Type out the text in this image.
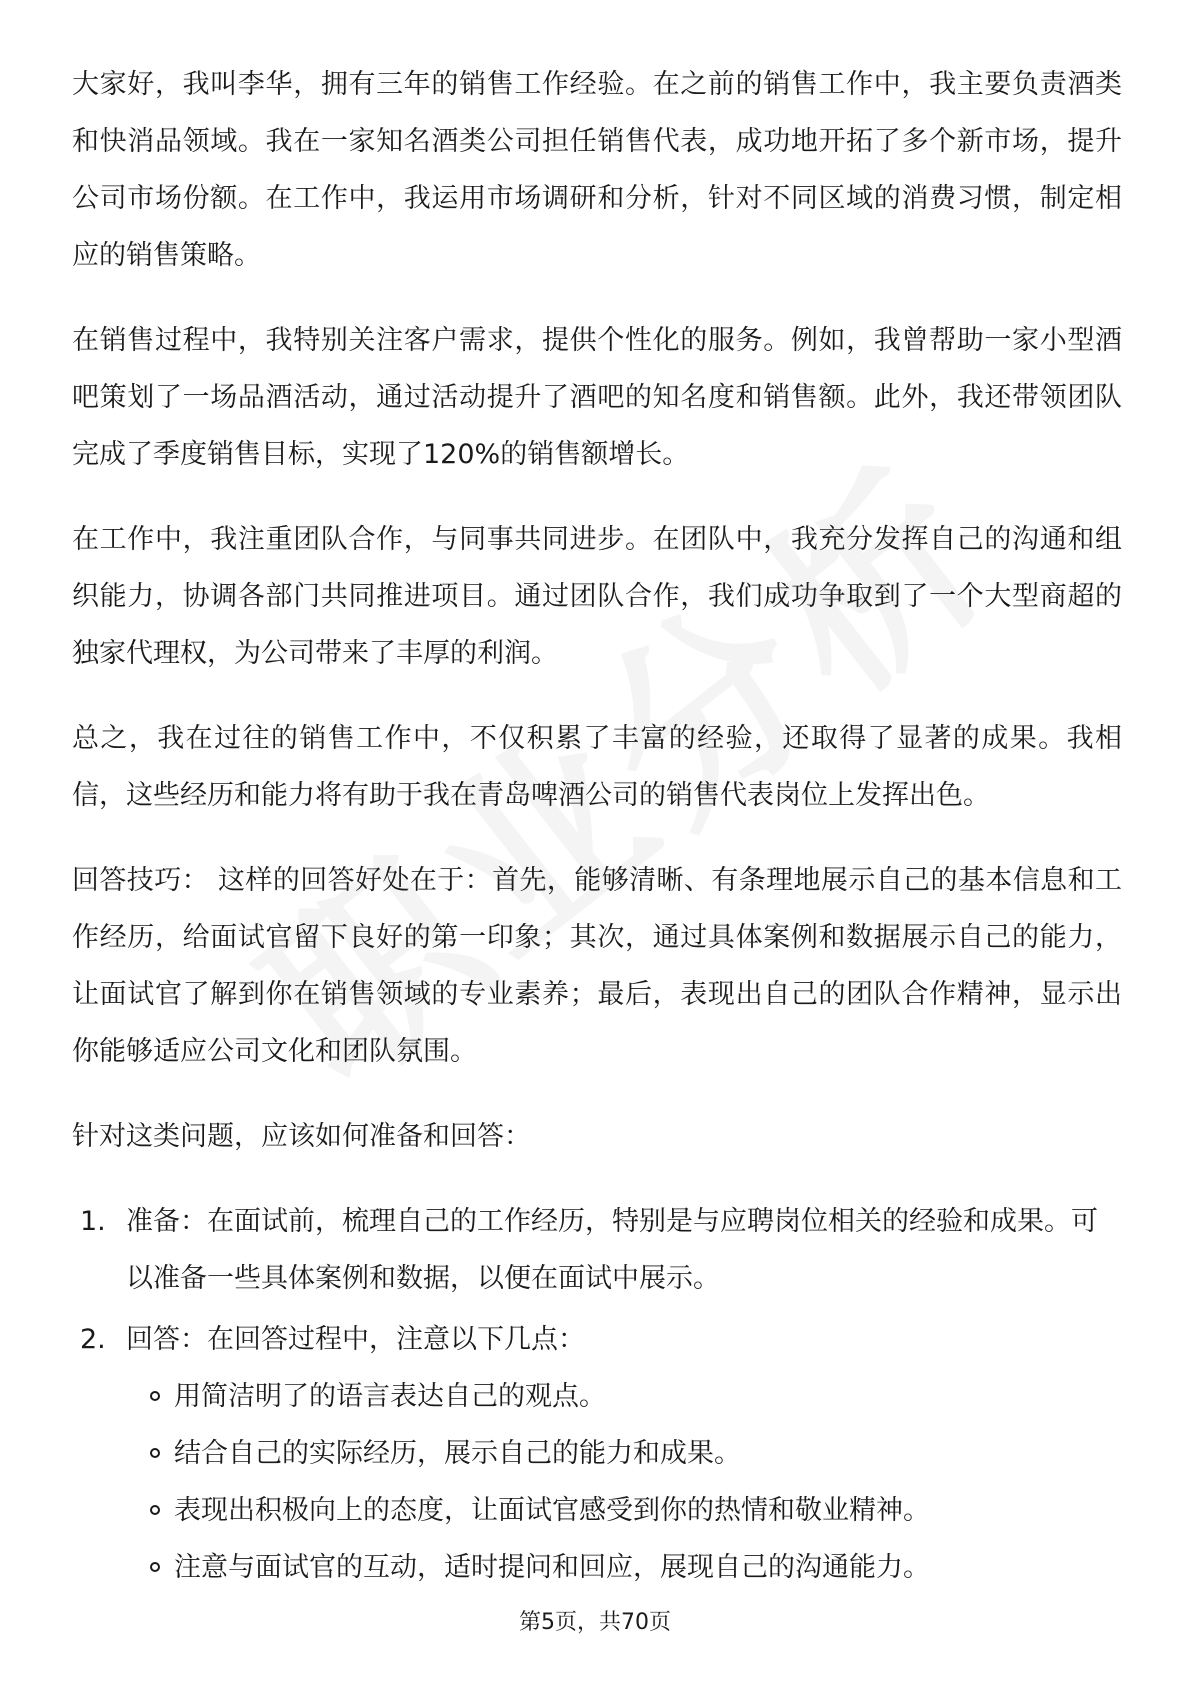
大家好，我叫李华，拥有三年的销售工作经验。在之前的销售工作中，我主要负责酒类和快消品领域。我在一家知名酒类公司担任销售代表，成功地开拓了多个新市场，提升公司市场份额。在工作中，我运用市场调研和分析，针对不同区域的消费习惯，制定相应的销售策略。

在销售过程中，我特别关注客户需求，提供个性化的服务。例如，我曾帮助一家小型酒吧策划了一场品酒活动，通过活动提升了酒吧的知名度和销售额。此外，我还带领团队完成了季度销售目标，实现了120%的销售额增长。

在工作中，我注重团队合作，与同事共同进步。在团队中，我充分发挥自己的沟通和组织能力，协调各部门共同推进项目。通过团队合作，我们成功争取到了一个大型商超的独家代理权，为公司带来了丰厚的利润。

总之，我在过往的销售工作中，不仅积累了丰富的经验，还取得了显著的成果。我相信，这些经历和能力将有助于我在青岛啤酒公司的销售代表岗位上发挥出色。

回答技巧： 这样的回答好处在于：首先，能够清晰、有条理地展示自己的基本信息和工作经历，给面试官留下良好的第一印象；其次，通过具体案例和数据展示自己的能力，让面试官了解到你在销售领域的专业素养；最后，表现出自己的团队合作精神，显示出你能够适应公司文化和团队氛围。

针对这类问题，应该如何准备和回答：

1. 准备：在面试前，梳理自己的工作经历，特别是与应聘岗位相关的经验和成果。可以准备一些具体案例和数据，以便在面试中展示。
2. 回答：在回答过程中，注意以下几点：
用简洁明了的语言表达自己的观点。
结合自己的实际经历，展示自己的能力和成果。
表现出积极向上的态度，让面试官感受到你的热情和敬业精神。
注意与面试官的互动，适时提问和回应，展现自己的沟通能力。
第5页，共70页
